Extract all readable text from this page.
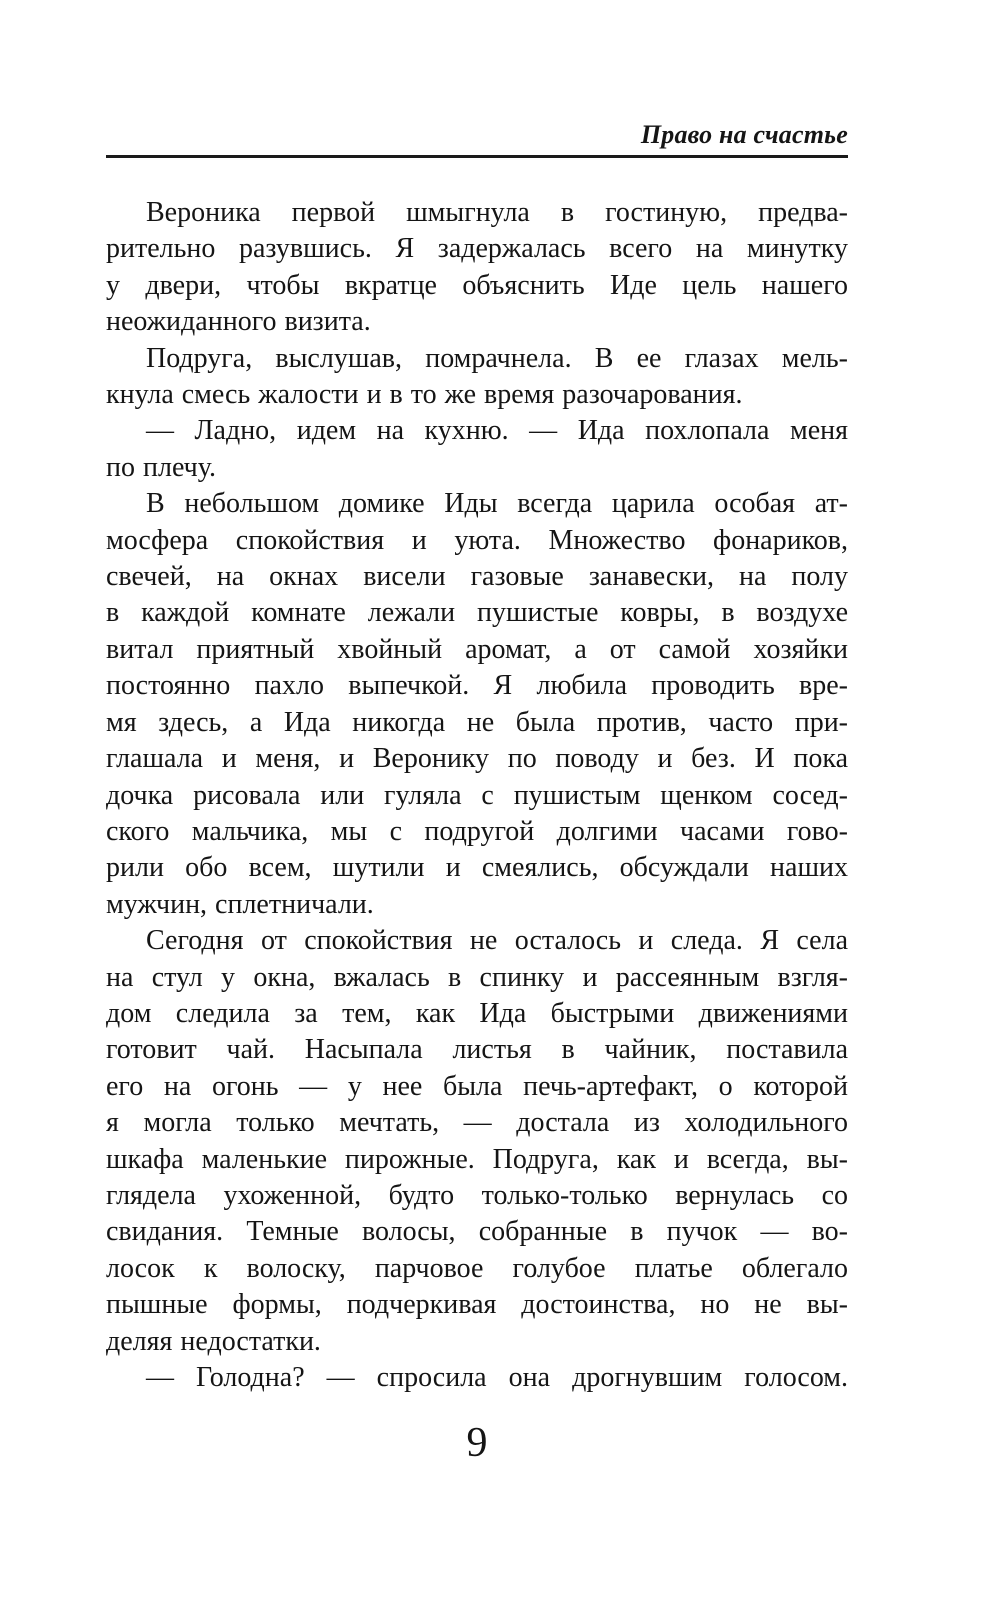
Право на счастье
Вероника первой шмыгнула в гостиную, предва-
рительно разувшись. Я задержалась всего на минутку
у двери, чтобы вкратце объяснить Иде цель нашего
неожиданного визита.
Подруга, выслушав, помрачнела. В ее глазах мель-
кнула смесь жалости и в то же время разочарования.
— Ладно, идем на кухню. — Ида похлопала меня
по плечу.
В небольшом домике Иды всегда царила особая ат-
мосфера спокойствия и уюта. Множество фонариков,
свечей, на окнах висели газовые занавески, на полу
в каждой комнате лежали пушистые ковры, в воздухе
витал приятный хвойный аромат, а от самой хозяйки
постоянно пахло выпечкой. Я любила проводить вре-
мя здесь, а Ида никогда не была против, часто при-
глашала и меня, и Веронику по поводу и без. И пока
дочка рисовала или гуляла с пушистым щенком сосед-
ского мальчика, мы с подругой долгими часами гово-
рили обо всем, шутили и смеялись, обсуждали наших
мужчин, сплетничали.
Сегодня от спокойствия не осталось и следа. Я села
на стул у окна, вжалась в спинку и рассеянным взгля-
дом следила за тем, как Ида быстрыми движениями
готовит чай. Насыпала листья в чайник, поставила
его на огонь — у нее была печь-артефакт, о которой
я могла только мечтать, — достала из холодильного
шкафа маленькие пирожные. Подруга, как и всегда, вы-
глядела ухоженной, будто только-только вернулась со
свидания. Темные волосы, собранные в пучок — во-
лосок к волоску, парчовое голубое платье облегало
пышные формы, подчеркивая достоинства, но не вы-
деляя недостатки.
— Голодна? — спросила она дрогнувшим голосом.
9
